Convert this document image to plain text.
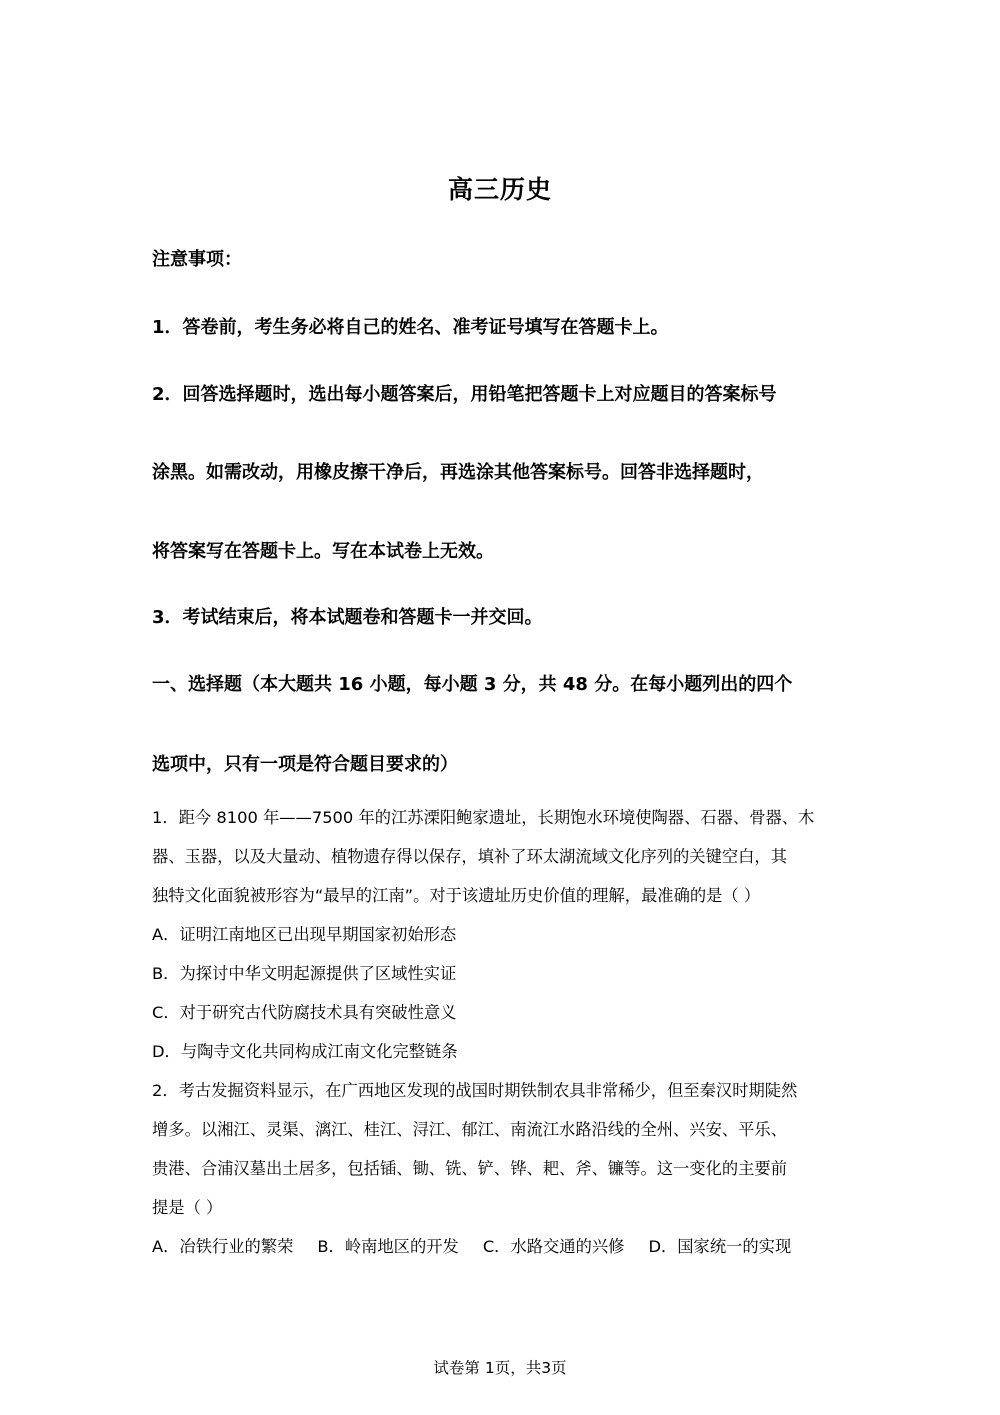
高三历史
注意事项：
1．答卷前，考生务必将自己的姓名、准考证号填写在答题卡上。
2．回答选择题时，选出每小题答案后，用铅笔把答题卡上对应题目的答案标号
涂黑。如需改动，用橡皮擦干净后，再选涂其他答案标号。回答非选择题时，
将答案写在答题卡上。写在本试卷上无效。
3．考试结束后，将本试题卷和答题卡一并交回。
一、选择题（本大题共 16 小题，每小题 3 分，共 48 分。在每小题列出的四个
选项中，只有一项是符合题目要求的）
1．距今 8100 年——7500 年的江苏溧阳鲍家遗址，长期饱水环境使陶器、石器、骨器、木
器、玉器，以及大量动、植物遗存得以保存，填补了环太湖流域文化序列的关键空白，其
独特文化面貌被形容为“最早的江南”。对于该遗址历史价值的理解，最准确的是（ ）
A．证明江南地区已出现早期国家初始形态
B．为探讨中华文明起源提供了区域性实证
C．对于研究古代防腐技术具有突破性意义
D．与陶寺文化共同构成江南文化完整链条
2．考古发掘资料显示，在广西地区发现的战国时期铁制农具非常稀少，但至秦汉时期陡然
增多。以湘江、灵渠、漓江、桂江、浔江、郁江、南流江水路沿线的全州、兴安、平乐、
贵港、合浦汉墓出土居多，包括锸、锄、铣、铲、铧、耙、斧、镰等。这一变化的主要前
提是（ ）
A．冶铁行业的繁荣 B．岭南地区的开发 C．水路交通的兴修 D．国家统一的实现
试卷第 1页，共3页
